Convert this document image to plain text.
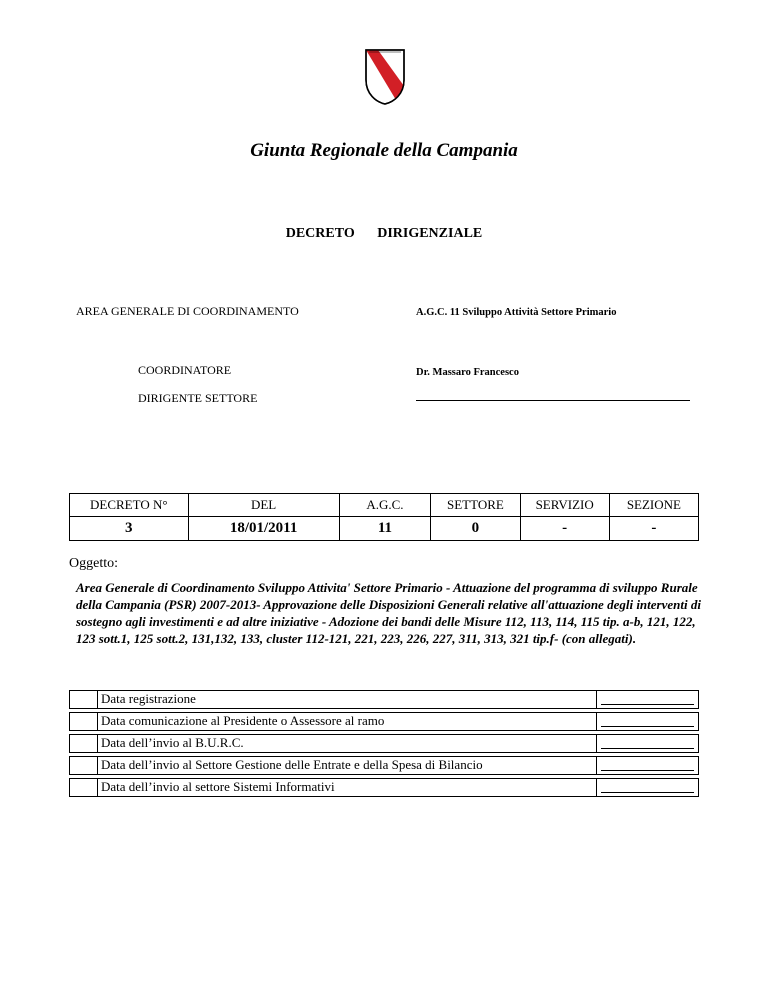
Giunta Regionale della Campania
DECRETO   DIRIGENZIALE
AREA GENERALE DI COORDINAMENTO	A.G.C. 11 Sviluppo Attività Settore Primario
COORDINATORE	Dr. Massaro Francesco
DIRIGENTE SETTORE
DECRETO N°	DEL	A.G.C.	SETTORE	SERVIZIO	SEZIONE
3	18/01/2011	11	0	-	-
Oggetto:
Area Generale di Coordinamento Sviluppo Attivita' Settore Primario - Attuazione del programma di sviluppo Rurale della Campania (PSR) 2007-2013- Approvazione delle Disposizioni Generali relative all'attuazione degli interventi di sostegno agli investimenti e ad altre iniziative - Adozione dei bandi delle Misure 112, 113, 114, 115 tip. a-b, 121, 122, 123 sott.1, 125 sott.2, 131,132, 133, cluster 112-121, 221, 223, 226, 227, 311, 313, 321 tip.f- (con allegati).
	Data registrazione	

	Data comunicazione al Presidente o Assessore al ramo	

	Data dell’invio al B.U.R.C.	

	Data dell’invio al Settore Gestione delle Entrate e della Spesa di Bilancio	

	Data dell’invio al settore Sistemi Informativi	
